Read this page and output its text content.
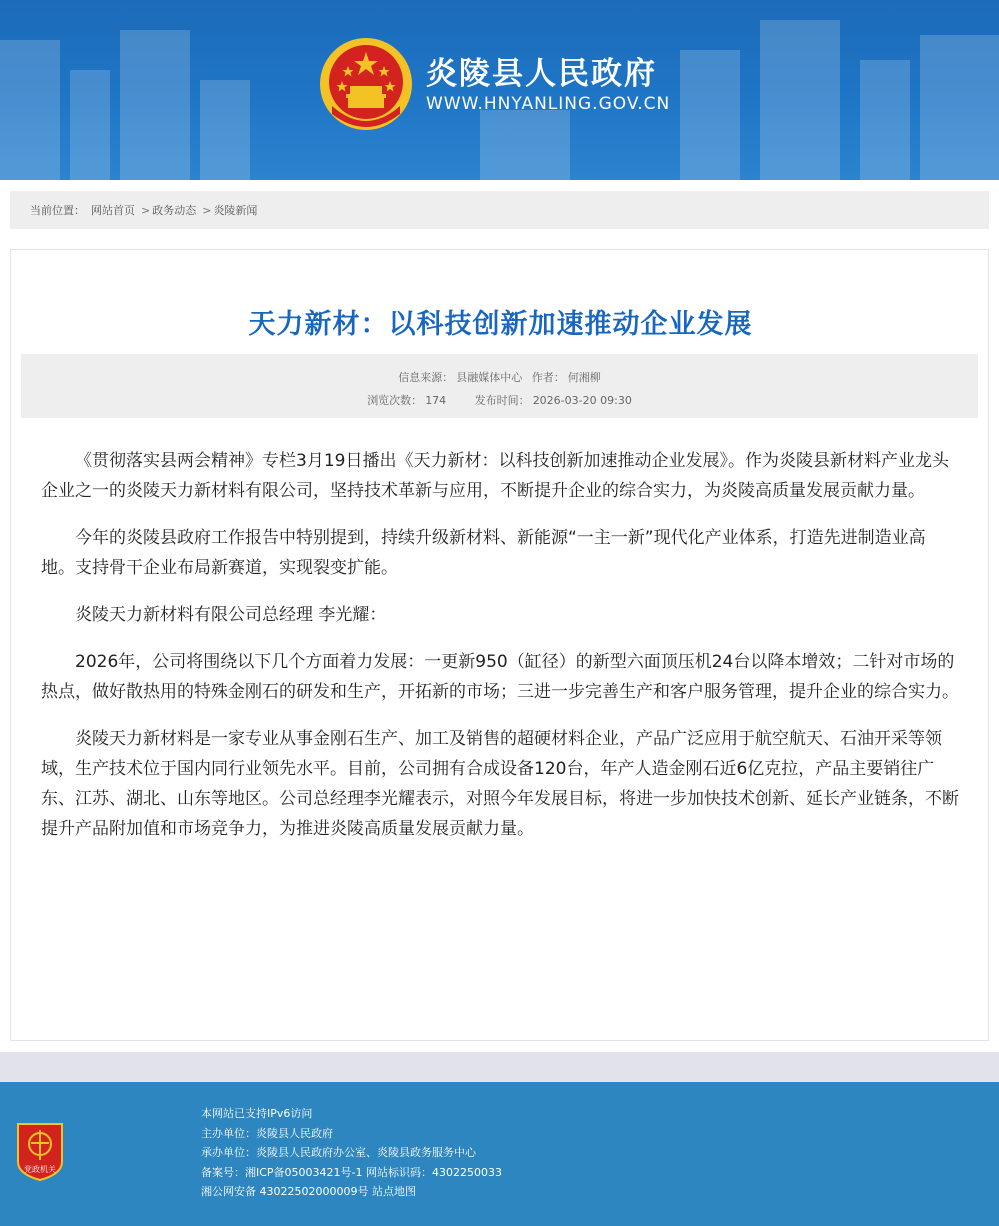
炎陵县人民政府
WWW.HNYANLING.GOV.CN
当前位置： 网站首页 > 政务动态 > 炎陵新闻
天力新材：以科技创新加速推动企业发展
信息来源： 县融媒体中心 作者： 何湘柳
浏览次数： 174	发布时间： 2026-03-20 09:30

《贯彻落实县两会精神》专栏3月19日播出《天力新材：以科技创新加速推动企业发展》。作为炎陵县新材料产业龙头企业之一的炎陵天力新材料有限公司，坚持技术革新与应用，不断提升企业的综合实力，为炎陵高质量发展贡献力量。

今年的炎陵县政府工作报告中特别提到，持续升级新材料、新能源“一主一新”现代化产业体系，打造先进制造业高地。支持骨干企业布局新赛道，实现裂变扩能。

炎陵天力新材料有限公司总经理 李光耀：

2026年，公司将围绕以下几个方面着力发展：一更新950（缸径）的新型六面顶压机24台以降本增效；二针对市场的热点，做好散热用的特殊金刚石的研发和生产，开拓新的市场；三进一步完善生产和客户服务管理，提升企业的综合实力。

炎陵天力新材料是一家专业从事金刚石生产、加工及销售的超硬材料企业，产品广泛应用于航空航天、石油开采等领域，生产技术位于国内同行业领先水平。目前，公司拥有合成设备120台，年产人造金刚石近6亿克拉，产品主要销往广东、江苏、湖北、山东等地区。公司总经理李光耀表示，对照今年发展目标，将进一步加快技术创新、延长产业链条，不断提升产品附加值和市场竞争力，为推进炎陵高质量发展贡献力量。

党政机关
本网站已支持IPv6访问
主办单位：炎陵县人民政府
承办单位：炎陵县人民政府办公室、炎陵县政务服务中心
备案号：湘ICP备05003421号-1 网站标识码：4302250033
湘公网安备 43022502000009号 站点地图
